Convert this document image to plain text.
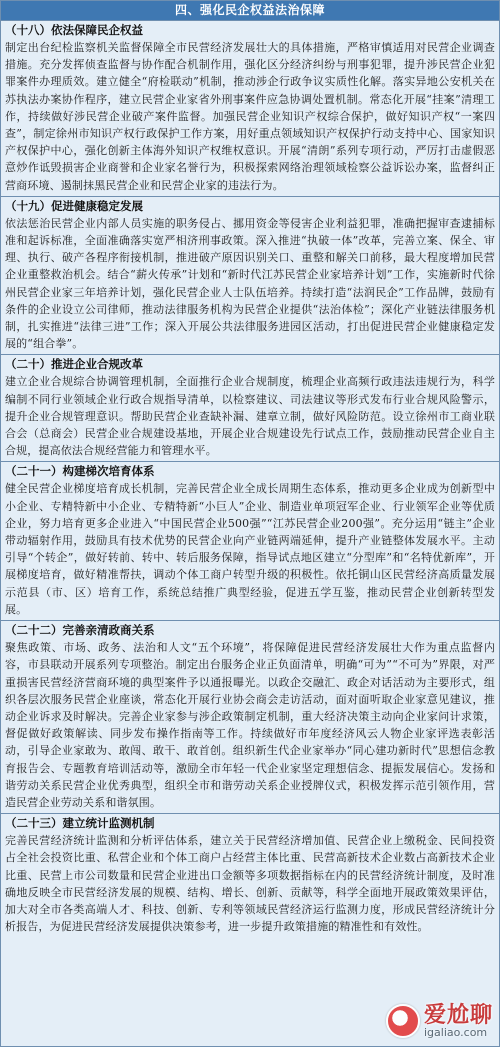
四、强化民企权益法治保障
（十八）依法保障民企权益
制定出台纪检监察机关监督保障全市民营经济发展壮大的具体措施，严格审慎适用对民营企业调查措施。充分发挥侦查监督与协作配合机制作用，强化区分经济纠纷与刑事犯罪，提升涉民营企业犯罪案件办理质效。建立健全“府检联动”机制，推动涉企行政争议实质性化解。落实异地公安机关在苏执法办案协作程序，建立民营企业家省外刑事案件应急协调处置机制。常态化开展“挂案”清理工作，持续做好涉民营企业破产案件监督。加强民营企业知识产权综合保护，做好知识产权“一案四查”，制定徐州市知识产权行政保护工作方案，用好重点领域知识产权保护行动支持中心、国家知识产权保护中心，强化创新主体海外知识产权维权意识。开展“清朗”系列专项行动，严厉打击虚假恶意炒作诋毁损害企业商誉和企业家名誉行为，积极探索网络治理领域检察公益诉讼办案，监督纠正营商环境、遏制抹黑民营企业和民营企业家的违法行为。
（十九）促进健康稳定发展
依法惩治民营企业内部人员实施的职务侵占、挪用资金等侵害企业利益犯罪，准确把握审查逮捕标准和起诉标准，全面准确落实宽严相济刑事政策。深入推进“执破一体”改革，完善立案、保全、审理、执行、破产各程序衔接机制，推进破产原因识别关口、重整和解关口前移，最大程度增加民营企业重整救治机会。结合“薪火传承”计划和“新时代江苏民营企业家培养计划”工作，实施新时代徐州民营企业家三年培养计划，强化民营企业人士队伍培养。持续打造“法润民企”工作品牌，鼓励有条件的企业设立公司律师，推动法律服务机构为民营企业提供“法治体检”；深化产业链法律服务机制，扎实推进“法律三进”工作；深入开展公共法律服务进园区活动，打出促进民营企业健康稳定发展的“组合拳”。
（二十）推进企业合规改革
建立企业合规综合协调管理机制，全面推行企业合规制度，梳理企业高频行政违法违规行为，科学编制不同行业领域企业行政合规指导清单，以检察建议、司法建议等形式发布行业合规风险警示，提升企业合规管理意识。帮助民营企业查缺补漏、建章立制，做好风险防范。设立徐州市工商业联合会（总商会）民营企业合规建设基地，开展企业合规建设先行试点工作，鼓励推动民营企业自主合规，提高依法合规经营能力和管理水平。
（二十一）构建梯次培育体系
健全民营企业梯度培育成长机制，完善民营企业全成长周期生态体系，推动更多企业成为创新型中小企业、专精特新中小企业、专精特新“小巨人”企业、制造业单项冠军企业、行业领军企业等优质企业，努力培育更多企业进入“中国民营企业500强”“江苏民营企业200强”。充分运用“链主”企业带动辐射作用，鼓励具有技术优势的民营企业向产业链两端延伸，提升产业链整体发展水平。主动引导“个转企”，做好转前、转中、转后服务保障，指导试点地区建立“分型库”和“名特优新库”，开展梯度培育，做好精准帮扶，调动个体工商户转型升级的积极性。依托铜山区民营经济高质量发展示范县（市、区）培育工作，系统总结推广典型经验，促进五学互鉴，推动民营企业创新转型发展。
（二十二）完善亲清政商关系
聚焦政策、市场、政务、法治和人文“五个环境”，将保障促进民营经济发展壮大作为重点监督内容，市县联动开展系列专项整治。制定出台服务企业正负面清单，明确“可为”“不可为”界限，对严重损害民营经济营商环境的典型案件予以通报曝光。以政企交融汇、政企对话活动为主要形式，组织各层次服务民营企业座谈，常态化开展行业协会商会走访活动，面对面听取企业家意见建议，推动企业诉求及时解决。完善企业家参与涉企政策制定机制，重大经济决策主动向企业家问计求策，督促做好政策解读、同步发布操作指南等工作。持续做好市年度经济风云人物企业家评选表彰活动，引导企业家敢为、敢闯、敢干、敢首创。组织新生代企业家举办“同心建功新时代”思想信念教育报告会、专题教育培训活动等，激励全市年轻一代企业家坚定理想信念、提振发展信心。发扬和谐劳动关系民营企业优秀典型，组织全市和谐劳动关系企业授牌仪式，积极发挥示范引领作用，营造民营企业劳动关系和谐氛围。
（二十三）建立统计监测机制
完善民营经济统计监测和分析评估体系，建立关于民营经济增加值、民营企业上缴税金、民间投资占全社会投资比重、私营企业和个体工商户占经营主体比重、民营高新技术企业数占高新技术企业比重、民营上市公司数量和民营企业进出口金额等多项数据指标在内的民营经济统计制度，及时准确地反映全市民营经济发展的规模、结构、增长、创新、贡献等，科学全面地开展政策效果评估，加大对全市各类高端人才、科技、创新、专利等领域民营经济运行监测力度，形成民营经济统计分析报告，为促进民营经济发展提供决策参考，进一步提升政策措施的精准性和有效性。
爱尬聊
igaliao.com
